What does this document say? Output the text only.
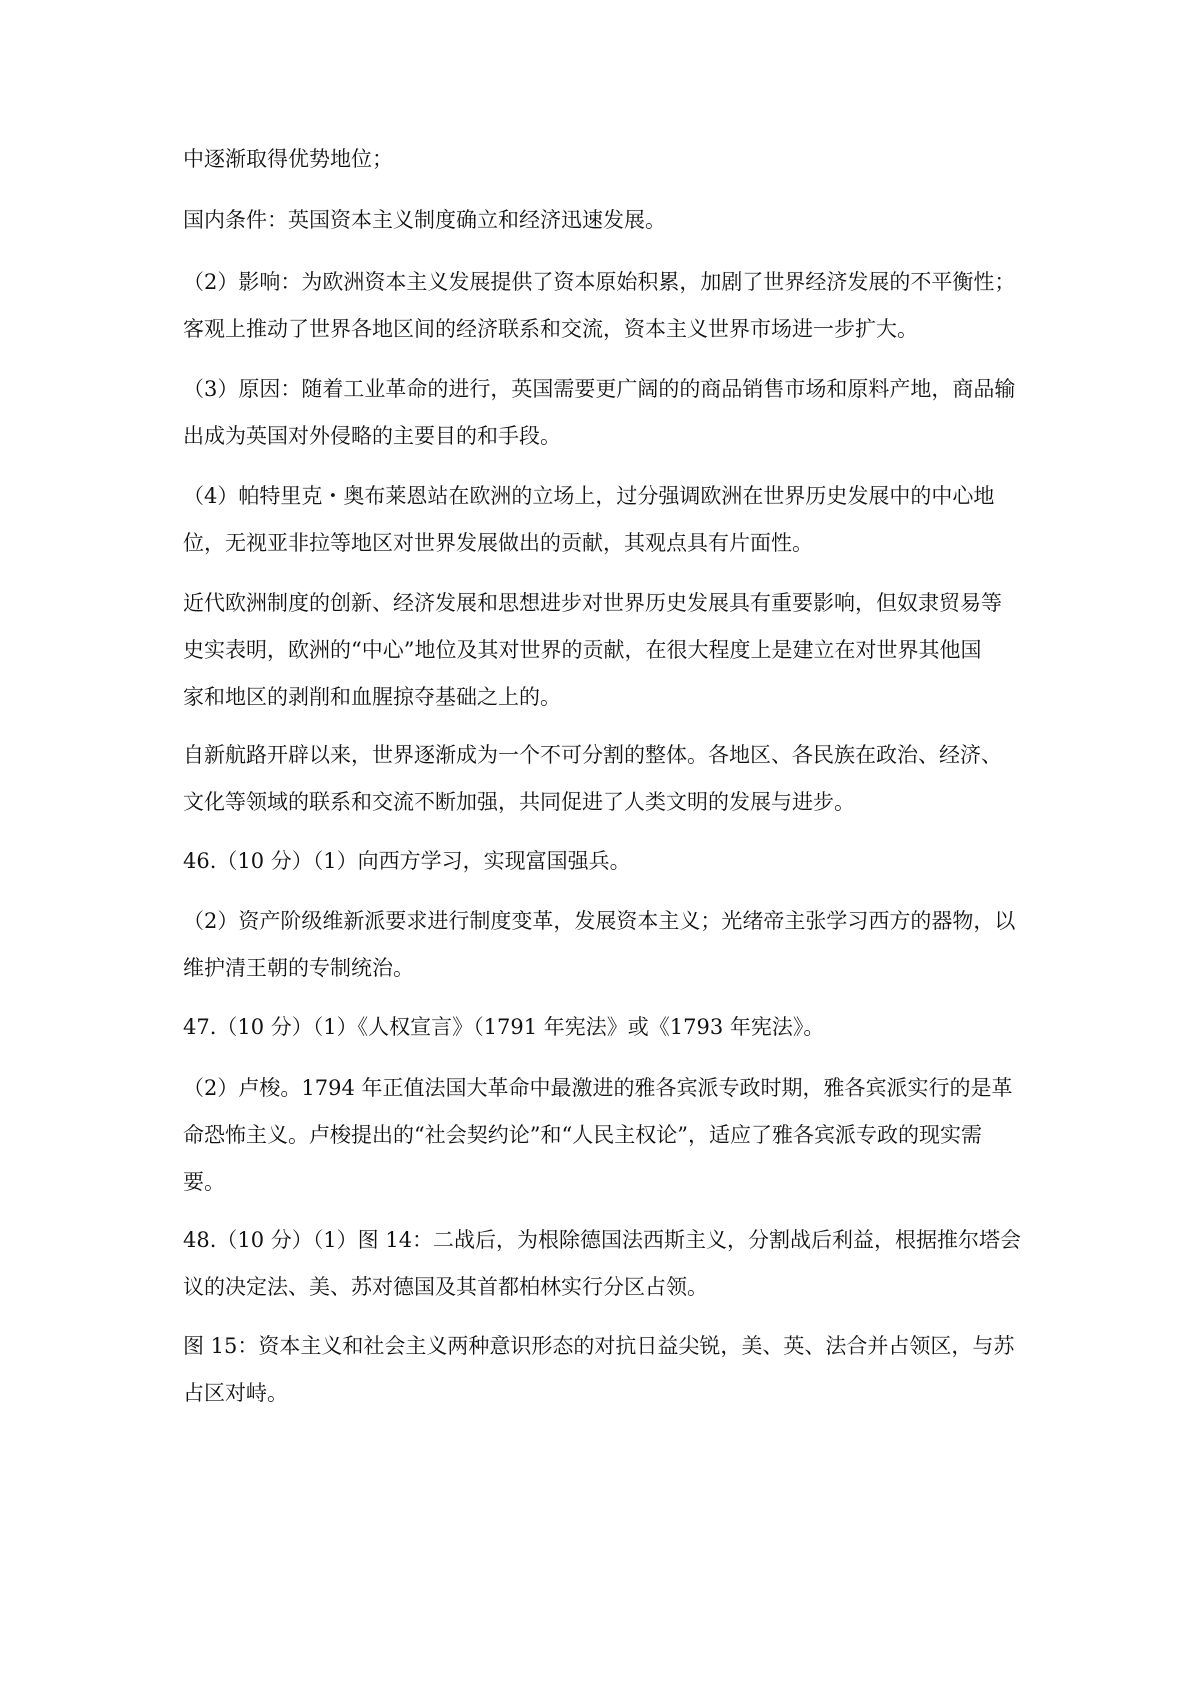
中逐渐取得优势地位；

国内条件：英国资本主义制度确立和经济迅速发展。

（2）影响：为欧洲资本主义发展提供了资本原始积累，加剧了世界经济发展的不平衡性；
客观上推动了世界各地区间的经济联系和交流，资本主义世界市场进一步扩大。

（3）原因：随着工业革命的进行，英国需要更广阔的的商品销售市场和原料产地，商品输
出成为英国对外侵略的主要目的和手段。

（4）帕特里克・奥布莱恩站在欧洲的立场上，过分强调欧洲在世界历史发展中的中心地
位，无视亚非拉等地区对世界发展做出的贡献，其观点具有片面性。

近代欧洲制度的创新、经济发展和思想进步对世界历史发展具有重要影响，但奴隶贸易等
史实表明，欧洲的“中心”地位及其对世界的贡献，在很大程度上是建立在对世界其他国
家和地区的剥削和血腥掠夺基础之上的。

自新航路开辟以来，世界逐渐成为一个不可分割的整体。各地区、各民族在政治、经济、
文化等领域的联系和交流不断加强，共同促进了人类文明的发展与进步。

46.（10 分）（1）向西方学习，实现富国强兵。

（2）资产阶级维新派要求进行制度变革，发展资本主义；光绪帝主张学习西方的器物，以
维护清王朝的专制统治。

47.（10 分）（1）《人权宣言》（1791 年宪法》或《1793 年宪法》。

（2）卢梭。1794 年正值法国大革命中最激进的雅各宾派专政时期，雅各宾派实行的是革
命恐怖主义。卢梭提出的“社会契约论”和“人民主权论”，适应了雅各宾派专政的现实需
要。

48.（10 分）（1）图 14：二战后，为根除德国法西斯主义，分割战后利益，根据推尔塔会
议的决定法、美、苏对德国及其首都柏林实行分区占领。

图 15：资本主义和社会主义两种意识形态的对抗日益尖锐，美、英、法合并占领区，与苏
占区对峙。
